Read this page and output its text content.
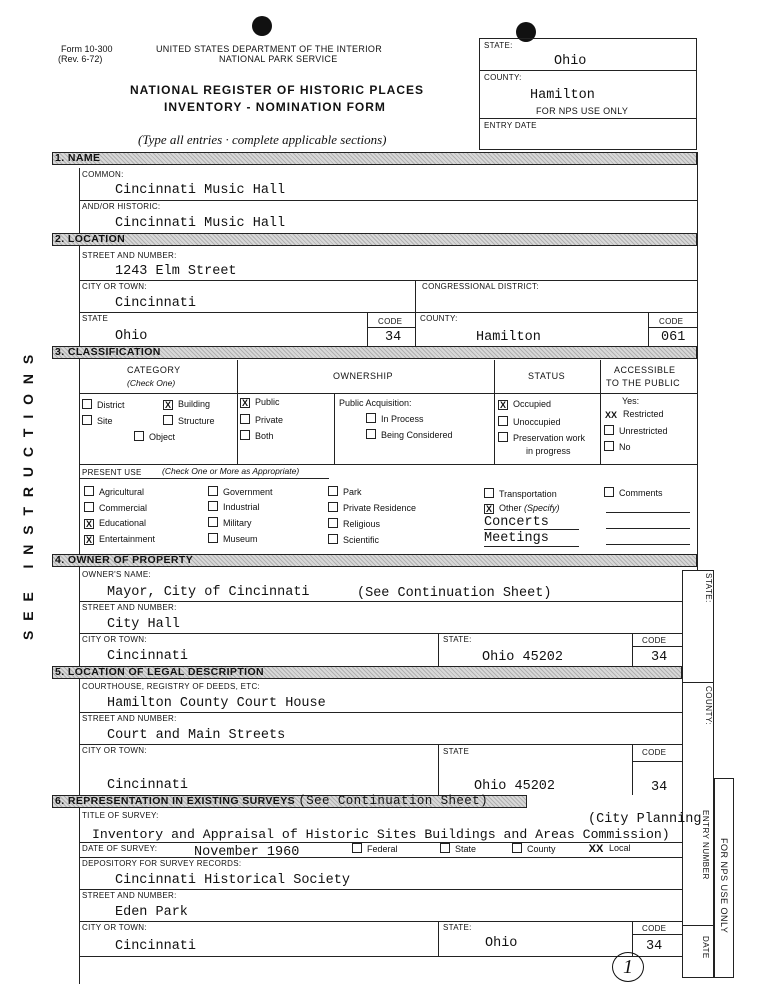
Form 10-300
(Rev. 6-72)
UNITED STATES DEPARTMENT OF THE INTERIOR
NATIONAL PARK SERVICE
NATIONAL REGISTER OF HISTORIC PLACES
INVENTORY - NOMINATION FORM
(Type all entries · complete applicable sections)
STATE:
Ohio
COUNTY:
Hamilton
FOR NPS USE ONLY
ENTRY DATE
S E E   I N S T R U C T I O N S
1. NAME
COMMON:
Cincinnati Music Hall
AND/OR HISTORIC:
Cincinnati Music Hall
2. LOCATION
STREET AND NUMBER:
1243 Elm Street
CITY OR TOWN:
Cincinnati
CONGRESSIONAL DISTRICT:
STATE
Ohio
CODE
34
COUNTY:
Hamilton
CODE
061
3. CLASSIFICATION
CATEGORY
(Check One)
OWNERSHIP	STATUS
ACCESSIBLE
TO THE PUBLIC
District	X Building
Site	Structure
Object
X Public
Private
Both
Public Acquisition:
In Process
Being Considered
X Occupied
Unoccupied
Preservation work
in progress
Yes:
XX Restricted
Unrestricted
No
PRESENT USE (Check One or More as Appropriate)
Agricultural
Commercial
X Educational
X Entertainment
Government
Industrial
Military
Museum
Park
Private Residence
Religious
Scientific
Transportation
X Other (Specify)
Concerts
Meetings
Comments
4. OWNER OF PROPERTY
OWNER'S NAME:
Mayor, City of Cincinnati	(See Continuation Sheet)
STREET AND NUMBER:
City Hall
CITY OR TOWN:
Cincinnati
STATE:
Ohio 45202
CODE
34
STATE:
COUNTY:
5. LOCATION OF LEGAL DESCRIPTION
COURTHOUSE, REGISTRY OF DEEDS, ETC:
Hamilton County Court House
STREET AND NUMBER:
Court and Main Streets
CITY OR TOWN:
Cincinnati
STATE
Ohio 45202
CODE
34
6. REPRESENTATION IN EXISTING SURVEYS (See Continuation Sheet)
TITLE OF SURVEY:	(City Planning
Inventory and Appraisal of Historic Sites Buildings and Areas Commission)
DATE OF SURVEY:	November 1960	Federal	State	County	XX Local
DEPOSITORY FOR SURVEY RECORDS:
Cincinnati Historical Society
STREET AND NUMBER:
Eden Park
CITY OR TOWN:
Cincinnati
STATE:
Ohio
CODE
34
ENTRY NUMBER
DATE
FOR NPS USE ONLY
1
